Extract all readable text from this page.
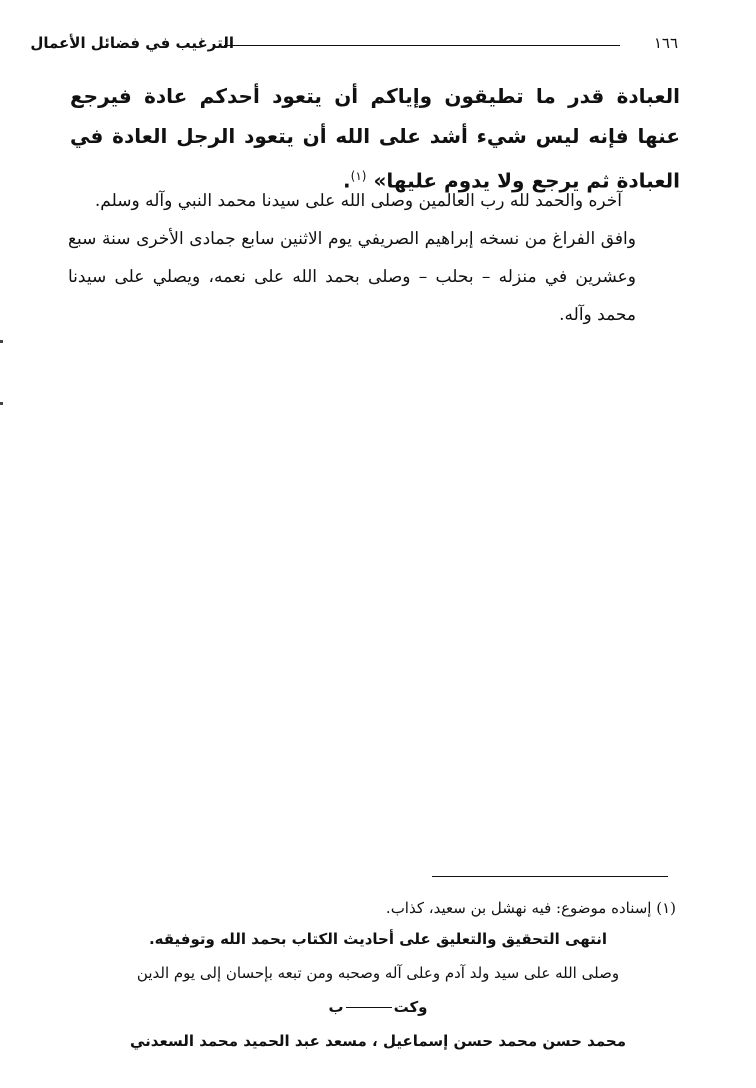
١٦٦
الترغيب في فضائل الأعمال
العبادة قدر ما تطيقون وإياكم أن يتعود أحدكم عادة فيرجع عنها فإنه ليس شيء أشد على الله أن يتعود الرجل العادة في العبادة ثم يرجع ولا يدوم عليها» $^{(١)}$.

آخره والحمد لله رب العالمين وصلى الله على سيدنا محمد النبي وآله وسلم.

وافق الفراغ من نسخه إبراهيم الصريفي يوم الاثنين سابع جمادى الأخرى سنة سبع وعشرين في منزله – بحلب – وصلى بحمد الله على نعمه، ويصلي على سيدنا محمد وآله.

(١) إسناده موضوع: فيه نهشل بن سعيد، كذاب.
انتهى التحقيق والتعليق على أحاديث الكتاب بحمد الله وتوفيقه.
وصلى الله على سيد ولد آدم وعلى آله وصحبه ومن تبعه بإحسان إلى يوم الدين
وكتب
محمد حسن محمد حسن إسماعيل ، مسعد عبد الحميد محمد السعدني
